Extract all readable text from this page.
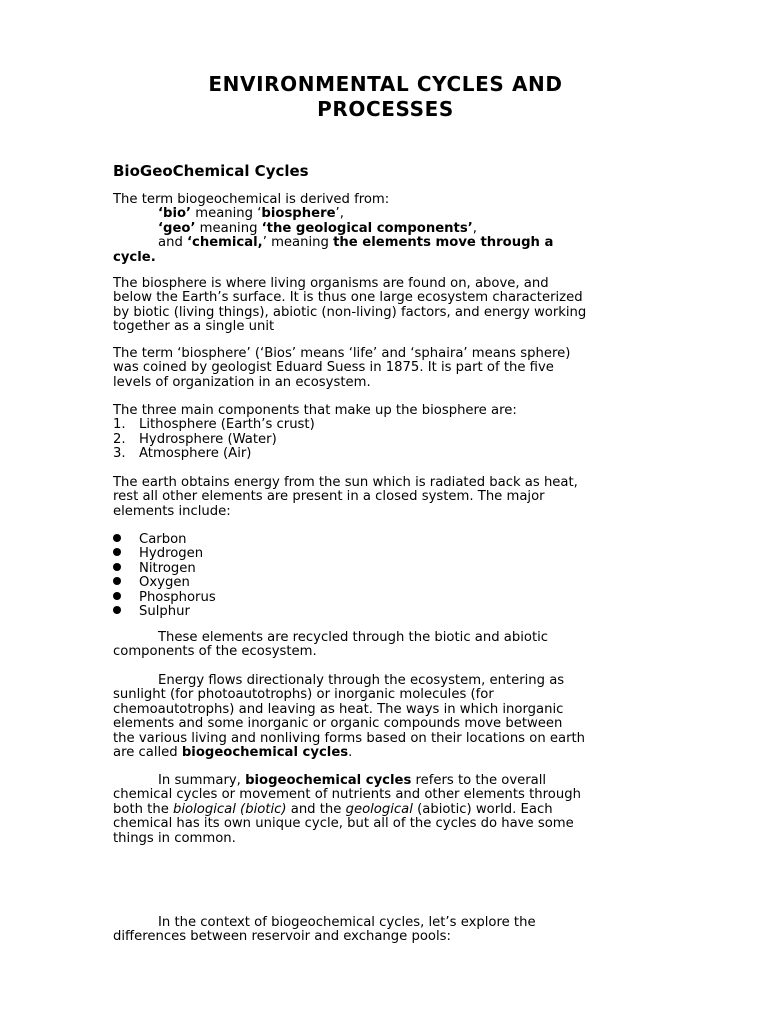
ENVIRONMENTAL CYCLES AND
PROCESSES
BioGeoChemical Cycles
The term biogeochemical is derived from:
‘bio’ meaning ‘biosphere’,
‘geo’ meaning ‘the geological components’,
and ‘chemical,’ meaning the elements move through a
cycle.
The biosphere is where living organisms are found on, above, and
below the Earth’s surface. It is thus one large ecosystem characterized
by biotic (living things), abiotic (non-living) factors, and energy working
together as a single unit
The term ‘biosphere’ (‘Bios’ means ‘life’ and ‘sphaira’ means sphere)
was coined by geologist Eduard Suess in 1875. It is part of the five
levels of organization in an ecosystem.
The three main components that make up the biosphere are:
1. Lithosphere (Earth’s crust)
2. Hydrosphere (Water)
3. Atmosphere (Air)
The earth obtains energy from the sun which is radiated back as heat,
rest all other elements are present in a closed system. The major
elements include:
Carbon
Hydrogen
Nitrogen
Oxygen
Phosphorus
Sulphur
These elements are recycled through the biotic and abiotic
components of the ecosystem.
Energy flows directionaly through the ecosystem, entering as
sunlight (for photoautotrophs) or inorganic molecules (for
chemoautotrophs) and leaving as heat. The ways in which inorganic
elements and some inorganic or organic compounds move between
the various living and nonliving forms based on their locations on earth
are called biogeochemical cycles.
In summary, biogeochemical cycles refers to the overall
chemical cycles or movement of nutrients and other elements through
both the biological (biotic) and the geological (abiotic) world. Each
chemical has its own unique cycle, but all of the cycles do have some
things in common.
In the context of biogeochemical cycles, let’s explore the
differences between reservoir and exchange pools:
